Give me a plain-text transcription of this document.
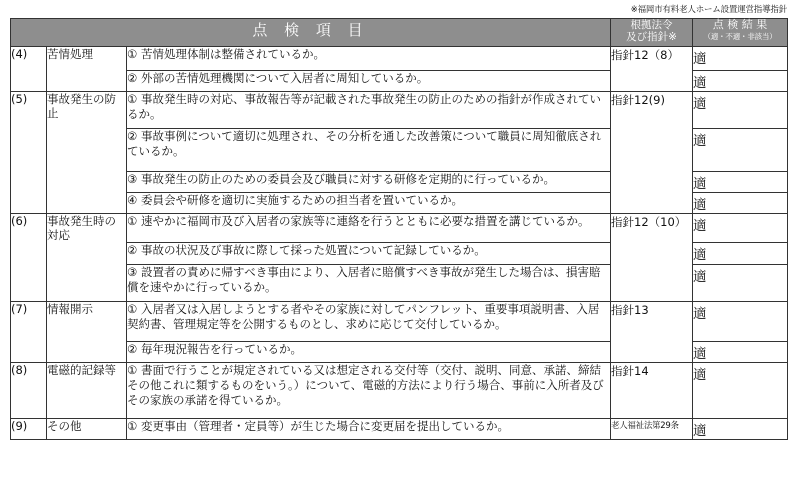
※福岡市有料老人ホーム設置運営指導指針
点 検 項 目			根拠法令
及び指針※	点 検 結 果
（適・不適・非該当）
(4)	苦情処理	① 苦情処理体制は整備されているか。	指針12（8）	適
		② 外部の苦情処理機関について入居者に周知しているか。		適
(5)	事故発生の防止	① 事故発生時の対応、事故報告等が記載された事故発生の防止のための指針が作成されているか。	指針12(9)	適
		② 事故事例について適切に処理され、その分析を通した改善策について職員に周知徹底されているか。		適
		③ 事故発生の防止のための委員会及び職員に対する研修を定期的に行っているか。		適
		④ 委員会や研修を適切に実施するための担当者を置いているか。		適
(6)	事故発生時の対応	① 速やかに福岡市及び入居者の家族等に連絡を行うとともに必要な措置を講じているか。	指針12（10）	適
		② 事故の状況及び事故に際して採った処置について記録しているか。		適
		③ 設置者の責めに帰すべき事由により、入居者に賠償すべき事故が発生した場合は、損害賠償を速やかに行っているか。		適
(7)	情報開示	① 入居者又は入居しようとする者やその家族に対してパンフレット、重要事項説明書、入居契約書、管理規定等を公開するものとし、求めに応じて交付しているか。	指針13	適
		② 毎年現況報告を行っているか。		適
(8)	電磁的記録等	① 書面で行うことが規定されている又は想定される交付等（交付、説明、同意、承諾、締結その他これに類するものをいう。）について、電磁的方法により行う場合、事前に入所者及びその家族の承諾を得ているか。	指針14	適
(9)	その他	① 変更事由（管理者・定員等）が生じた場合に変更届を提出しているか。	老人福祉法第29条	適
